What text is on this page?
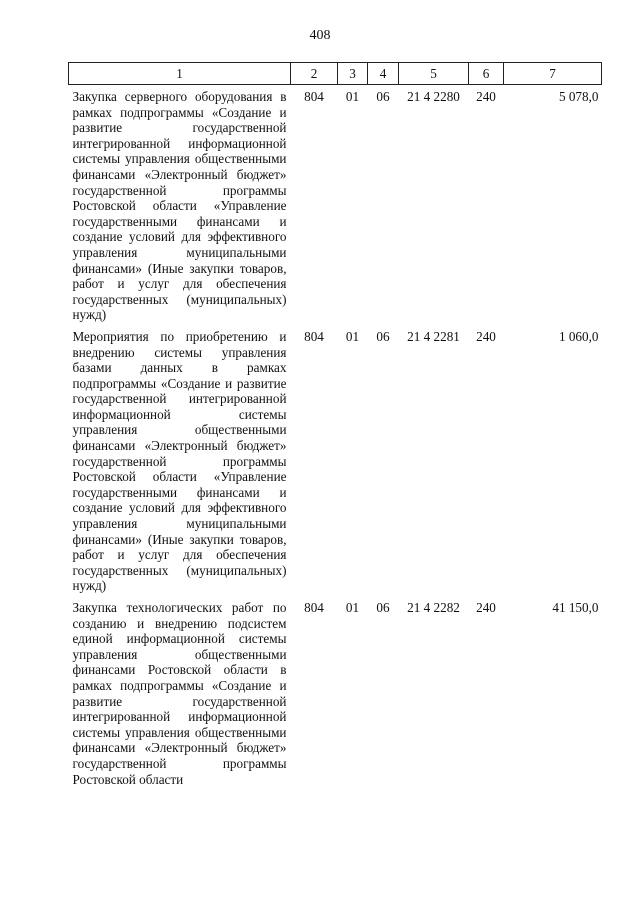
408
1	2	3	4	5	6	7
Закупка серверного оборудования в рамках подпрограммы «Создание и развитие государственной интегрированной информационной системы управления общественными финансами «Электронный бюджет» государственной программы Ростовской области «Управление государственными финансами и создание условий для эффективного управления муниципальными финансами» (Иные закупки товаров, работ и услуг для обеспечения государственных (муниципальных) нужд)	804	01	06	21 4 2280	240	5 078,0
Мероприятия по приобретению и внедрению системы управления базами данных в рамках подпрограммы «Создание и развитие государственной интегрированной информационной системы управления общественными финансами «Электронный бюджет» государственной программы Ростовской области «Управление государственными финансами и создание условий для эффективного управления муниципальными финансами» (Иные закупки товаров, работ и услуг для обеспечения государственных (муниципальных) нужд)	804	01	06	21 4 2281	240	1 060,0
Закупка технологических работ по созданию и внедрению подсистем единой информационной системы управления общественными финансами Ростовской области в рамках подпрограммы «Создание и развитие государственной интегрированной информационной системы управления общественными финансами «Электронный бюджет» государственной программы Ростовской области	804	01	06	21 4 2282	240	41 150,0
